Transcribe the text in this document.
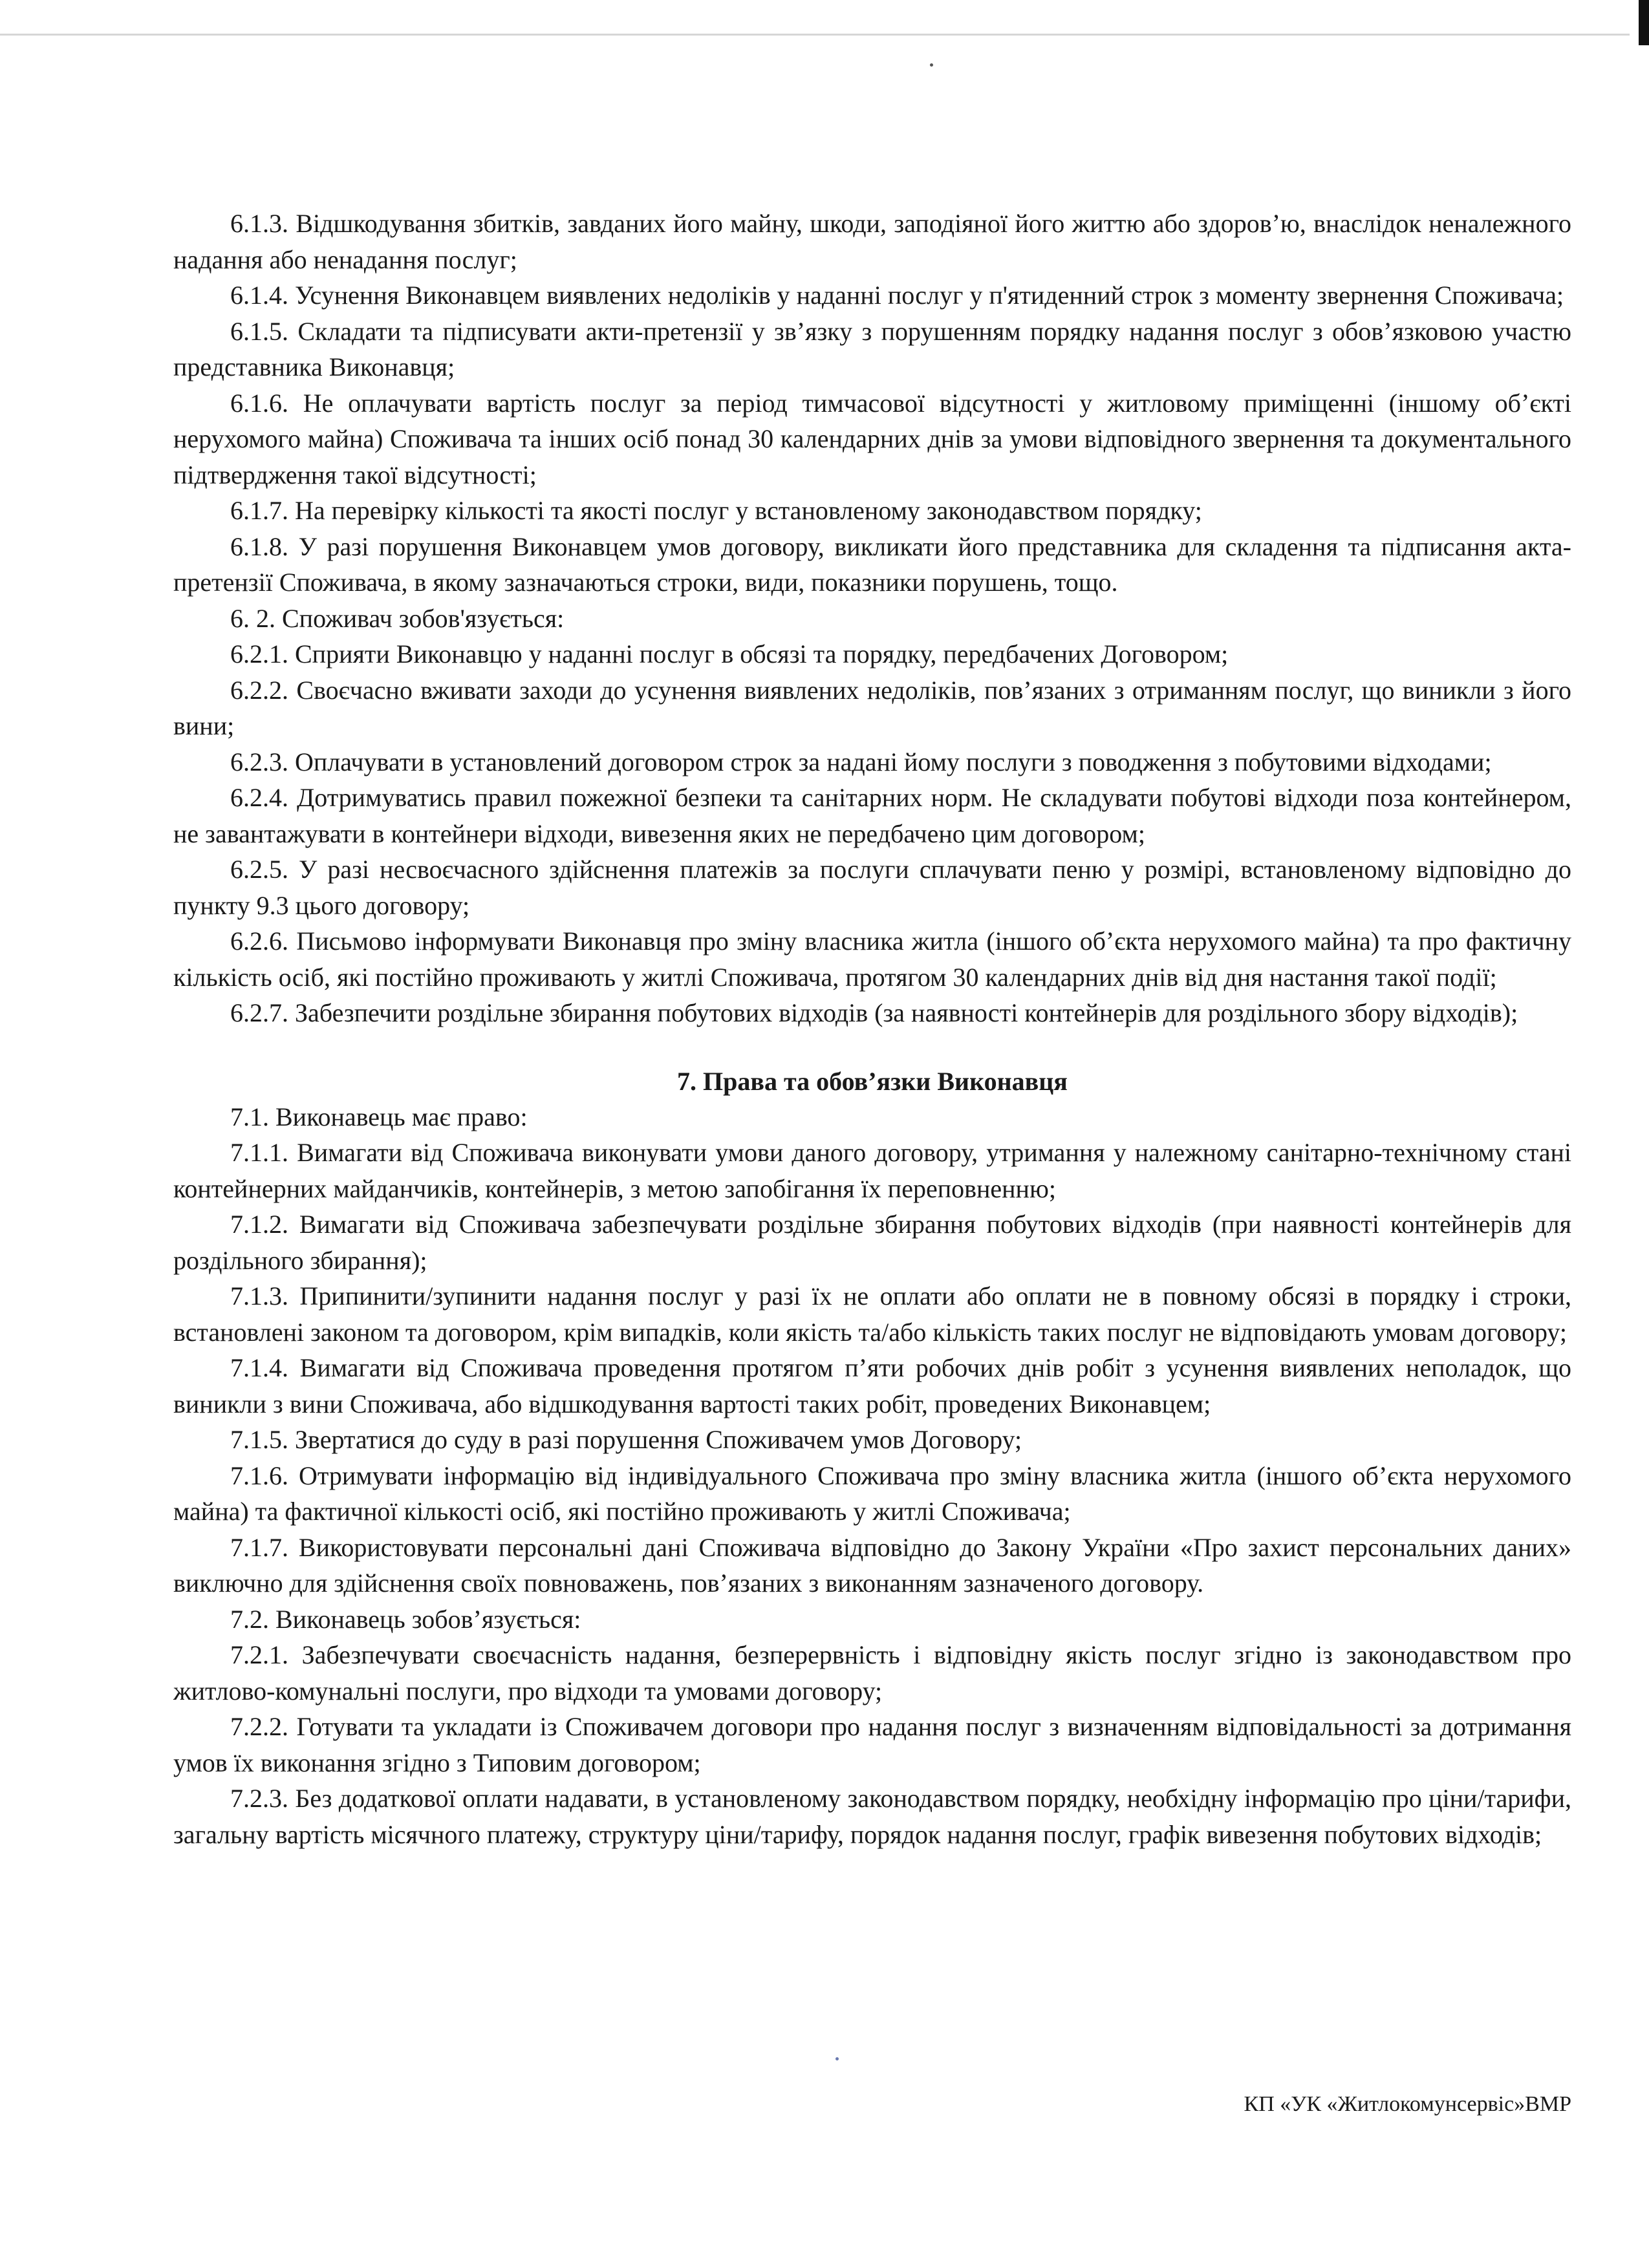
6.1.3. Відшкодування збитків, завданих його майну, шкоди, заподіяної його життю або здоров’ю, внаслідок неналежного надання або ненадання послуг;

6.1.4. Усунення Виконавцем виявлених недоліків у наданні послуг у п'ятиденний строк з моменту звернення Споживача;

6.1.5. Складати та підписувати акти-претензії у зв’язку з порушенням порядку надання послуг з обов’язковою участю представника Виконавця;

6.1.6. Не оплачувати вартість послуг за період тимчасової відсутності у житловому приміщенні (іншому об’єкті нерухомого майна) Споживача та інших осіб понад 30 календарних днів за умови відповідного звернення та документального підтвердження такої відсутності;

6.1.7. На перевірку кількості та якості послуг у встановленому законодавством порядку;

6.1.8. У разі порушення Виконавцем умов договору, викликати його представника для складення та підписання акта-претензії Споживача, в якому зазначаються строки, види, показники порушень, тощо.

6. 2. Споживач зобов'язується:

6.2.1. Сприяти Виконавцю у наданні послуг в обсязі та порядку, передбачених Договором;

6.2.2. Своєчасно вживати заходи до усунення виявлених недоліків, пов’язаних з отриманням послуг, що виникли з його вини;

6.2.3. Оплачувати в установлений договором строк за надані йому послуги з поводження з побутовими відходами;

6.2.4. Дотримуватись правил пожежної безпеки та санітарних норм. Не складувати побутові відходи поза контейнером, не завантажувати в контейнери відходи, вивезення яких не передбачено цим договором;

6.2.5. У разі несвоєчасного здійснення платежів за послуги сплачувати пеню у розмірі, встановленому відповідно до пункту 9.3 цього договору;

6.2.6. Письмово інформувати Виконавця про зміну власника житла (іншого об’єкта нерухомого майна) та про фактичну кількість осіб, які постійно проживають у житлі Споживача, протягом 30 календарних днів від дня настання такої події;

6.2.7. Забезпечити роздільне збирання побутових відходів (за наявності контейнерів для роздільного збору відходів);

7. Права та обов’язки Виконавця

7.1. Виконавець має право:

7.1.1. Вимагати від Споживача виконувати умови даного договору, утримання у належному санітарно-технічному стані контейнерних майданчиків, контейнерів, з метою запобігання їх переповненню;

7.1.2. Вимагати від Споживача забезпечувати роздільне збирання побутових відходів (при наявності контейнерів для роздільного збирання);

7.1.3. Припинити/зупинити надання послуг у разі їх не оплати або оплати не в повному обсязі в порядку і строки, встановлені законом та договором, крім випадків, коли якість та/або кількість таких послуг не відповідають умовам договору;

7.1.4. Вимагати від Споживача проведення протягом п’яти робочих днів робіт з усунення виявлених неполадок, що виникли з вини Споживача, або відшкодування вартості таких робіт, проведених Виконавцем;

7.1.5. Звертатися до суду в разі порушення Споживачем умов Договору;

7.1.6. Отримувати інформацію від індивідуального Споживача про зміну власника житла (іншого об’єкта нерухомого майна) та фактичної кількості осіб, які постійно проживають у житлі Споживача;

7.1.7. Використовувати персональні дані Споживача відповідно до Закону України «Про захист персональних даних» виключно для здійснення своїх повноважень, пов’язаних з виконанням зазначеного договору.

7.2. Виконавець зобов’язується:

7.2.1. Забезпечувати своєчасність надання, безперервність і відповідну якість послуг згідно із законодавством про житлово-комунальні послуги, про відходи та умовами договору;

7.2.2. Готувати та укладати із Споживачем договори про надання послуг з визначенням відповідальності за дотримання умов їх виконання згідно з Типовим договором;

7.2.3. Без додаткової оплати надавати, в установленому законодавством порядку, необхідну інформацію про ціни/тарифи, загальну вартість місячного платежу, структуру ціни/тарифу, порядок надання послуг, графік вивезення побутових відходів;

КП «УК «Житлокомунсервіс»ВМР
